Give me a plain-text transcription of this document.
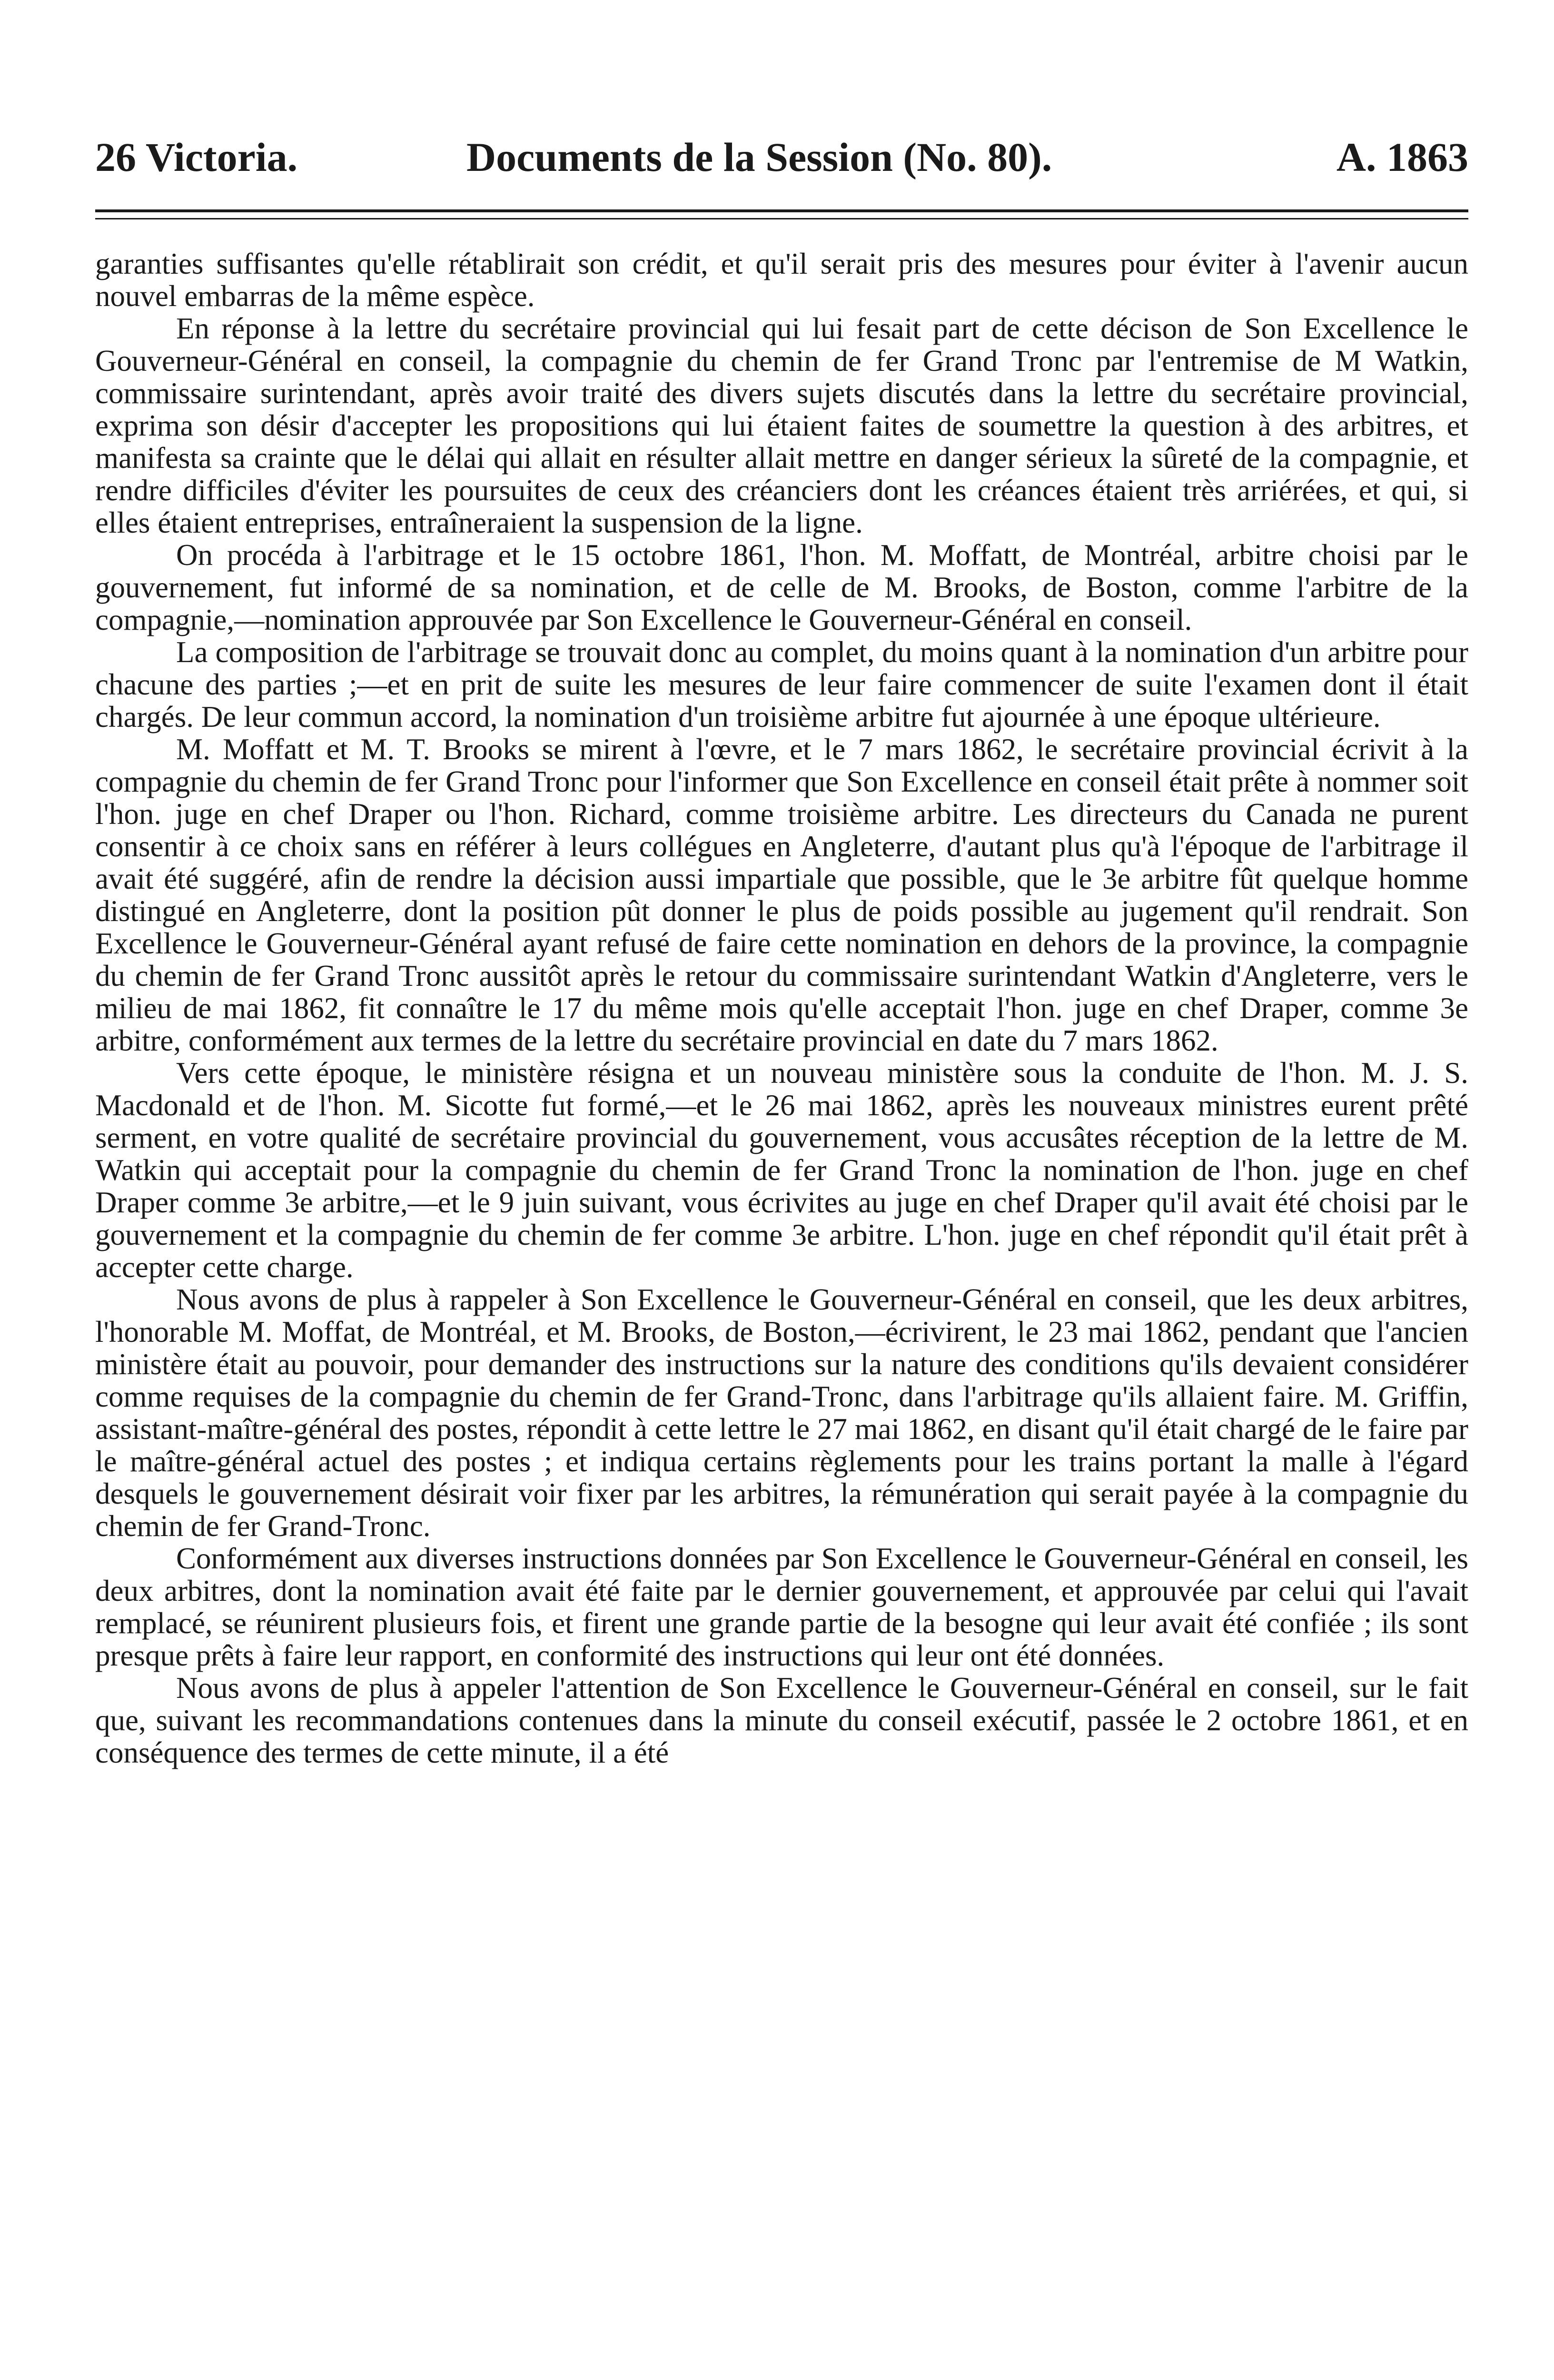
26 Victoria.	Documents de la Session (No. 80).	A. 1863

garanties suffisantes qu'elle rétablirait son crédit, et qu'il serait pris des mesures pour éviter à l'avenir aucun nouvel embarras de la même espèce.

En réponse à la lettre du secrétaire provincial qui lui fesait part de cette décison de Son Excellence le Gouverneur-Général en conseil, la compagnie du chemin de fer Grand Tronc par l'entremise de M Watkin, commissaire surintendant, après avoir traité des divers sujets discutés dans la lettre du secrétaire provincial, exprima son désir d'accepter les propositions qui lui étaient faites de soumettre la question à des arbitres, et manifesta sa crainte que le délai qui allait en résulter allait mettre en danger sérieux la sûreté de la compagnie, et rendre difficiles d'éviter les poursuites de ceux des créanciers dont les créances étaient très arriérées, et qui, si elles étaient entreprises, entraîneraient la suspension de la ligne.

On procéda à l'arbitrage et le 15 octobre 1861, l'hon. M. Moffatt, de Montréal, arbitre choisi par le gouvernement, fut informé de sa nomination, et de celle de M. Brooks, de Boston, comme l'arbitre de la compagnie,—nomination approuvée par Son Excellence le Gouverneur-Général en conseil.

La composition de l'arbitrage se trouvait donc au complet, du moins quant à la nomination d'un arbitre pour chacune des parties ;—et en prit de suite les mesures de leur faire commencer de suite l'examen dont il était chargés. De leur commun accord, la nomination d'un troisième arbitre fut ajournée à une époque ultérieure.

M. Moffatt et M. T. Brooks se mirent à l'œvre, et le 7 mars 1862, le secrétaire provincial écrivit à la compagnie du chemin de fer Grand Tronc pour l'informer que Son Excellence en conseil était prête à nommer soit l'hon. juge en chef Draper ou l'hon. Richard, comme troisième arbitre. Les directeurs du Canada ne purent consentir à ce choix sans en référer à leurs collégues en Angleterre, d'autant plus qu'à l'époque de l'arbitrage il avait été suggéré, afin de rendre la décision aussi impartiale que possible, que le 3e arbitre fût quelque homme distingué en Angleterre, dont la position pût donner le plus de poids possible au jugement qu'il rendrait. Son Excellence le Gouverneur-Général ayant refusé de faire cette nomination en dehors de la province, la compagnie du chemin de fer Grand Tronc aussitôt après le retour du commissaire surintendant Watkin d'Angleterre, vers le milieu de mai 1862, fit connaître le 17 du même mois qu'elle acceptait l'hon. juge en chef Draper, comme 3e arbitre, conformément aux termes de la lettre du secrétaire provincial en date du 7 mars 1862.

Vers cette époque, le ministère résigna et un nouveau ministère sous la conduite de l'hon. M. J. S. Macdonald et de l'hon. M. Sicotte fut formé,—et le 26 mai 1862, après les nouveaux ministres eurent prêté serment, en votre qualité de secrétaire provincial du gouvernement, vous accusâtes réception de la lettre de M. Watkin qui acceptait pour la compagnie du chemin de fer Grand Tronc la nomination de l'hon. juge en chef Draper comme 3e arbitre,—et le 9 juin suivant, vous écrivites au juge en chef Draper qu'il avait été choisi par le gouvernement et la compagnie du chemin de fer comme 3e arbitre. L'hon. juge en chef répondit qu'il était prêt à accepter cette charge.

Nous avons de plus à rappeler à Son Excellence le Gouverneur-Général en conseil, que les deux arbitres, l'honorable M. Moffat, de Montréal, et M. Brooks, de Boston,—écrivirent, le 23 mai 1862, pendant que l'ancien ministère était au pouvoir, pour demander des instructions sur la nature des conditions qu'ils devaient considérer comme requises de la compagnie du chemin de fer Grand-Tronc, dans l'arbitrage qu'ils allaient faire. M. Griffin, assistant-maître-général des postes, répondit à cette lettre le 27 mai 1862, en disant qu'il était chargé de le faire par le maître-général actuel des postes ; et indiqua certains règlements pour les trains portant la malle à l'égard desquels le gouvernement désirait voir fixer par les arbitres, la rémunération qui serait payée à la compagnie du chemin de fer Grand-Tronc.

Conformément aux diverses instructions données par Son Excellence le Gouverneur-Général en conseil, les deux arbitres, dont la nomination avait été faite par le dernier gouvernement, et approuvée par celui qui l'avait remplacé, se réunirent plusieurs fois, et firent une grande partie de la besogne qui leur avait été confiée ; ils sont presque prêts à faire leur rapport, en conformité des instructions qui leur ont été données.

Nous avons de plus à appeler l'attention de Son Excellence le Gouverneur-Général en conseil, sur le fait que, suivant les recommandations contenues dans la minute du conseil exécutif, passée le 2 octobre 1861, et en conséquence des termes de cette minute, il a été
